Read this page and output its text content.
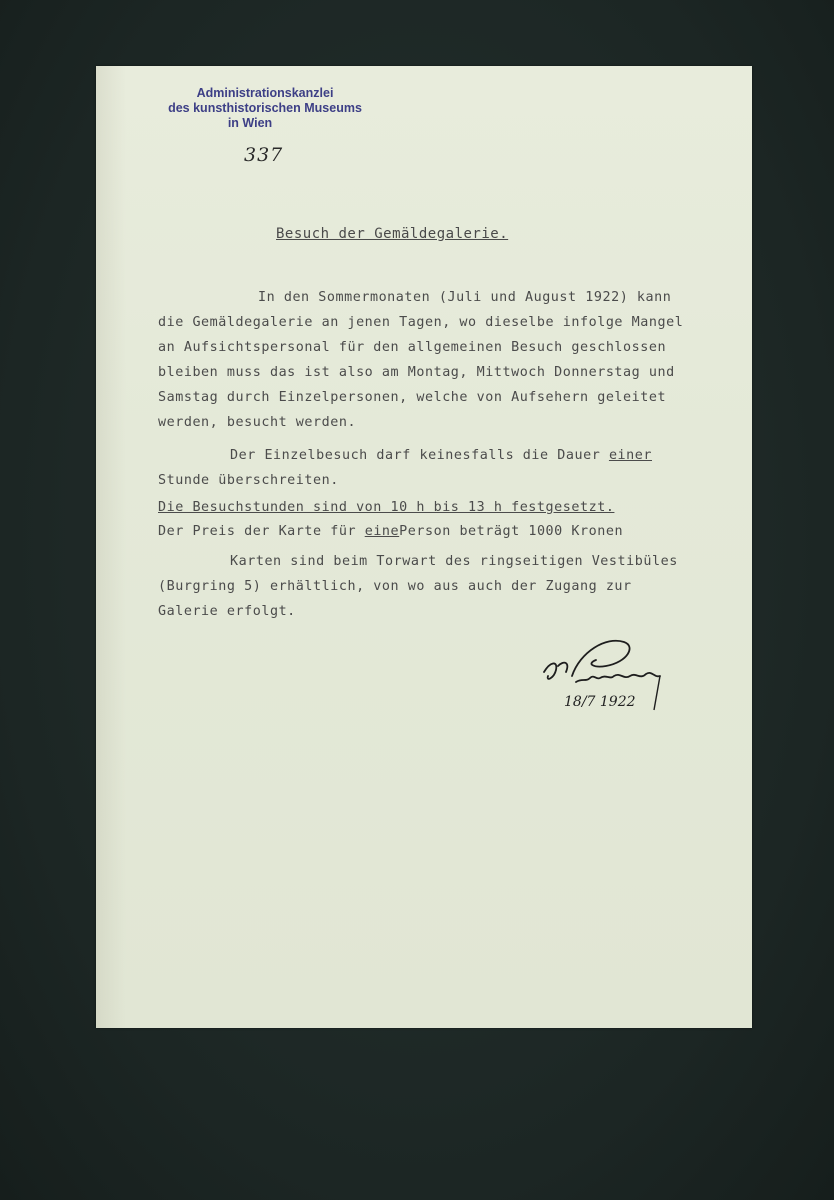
Administrationskanzlei
des kunsthistorischen Museums
in Wien
337
Besuch der Gemäldegalerie.
In den Sommermonaten (Juli und August 1922) kann
die Gemäldegalerie an jenen Tagen, wo dieselbe infolge Mangel
an Aufsichtspersonal für den allgemeinen Besuch geschlossen
bleiben muss das ist also am Montag, Mittwoch Donnerstag und
Samstag durch Einzelpersonen, welche von Aufsehern geleitet
werden, besucht werden.
Der Einzelbesuch darf keinesfalls die Dauer einer
Stunde überschreiten.
Die Besuchstunden sind von 10 h bis 13 h festgesetzt.
Der Preis der Karte für einePerson beträgt 1000 Kronen
Karten sind beim Torwart des ringseitigen Vestibüles
(Burgring 5) erhältlich, von wo aus auch der Zugang zur
Galerie erfolgt.
18/7 1922
